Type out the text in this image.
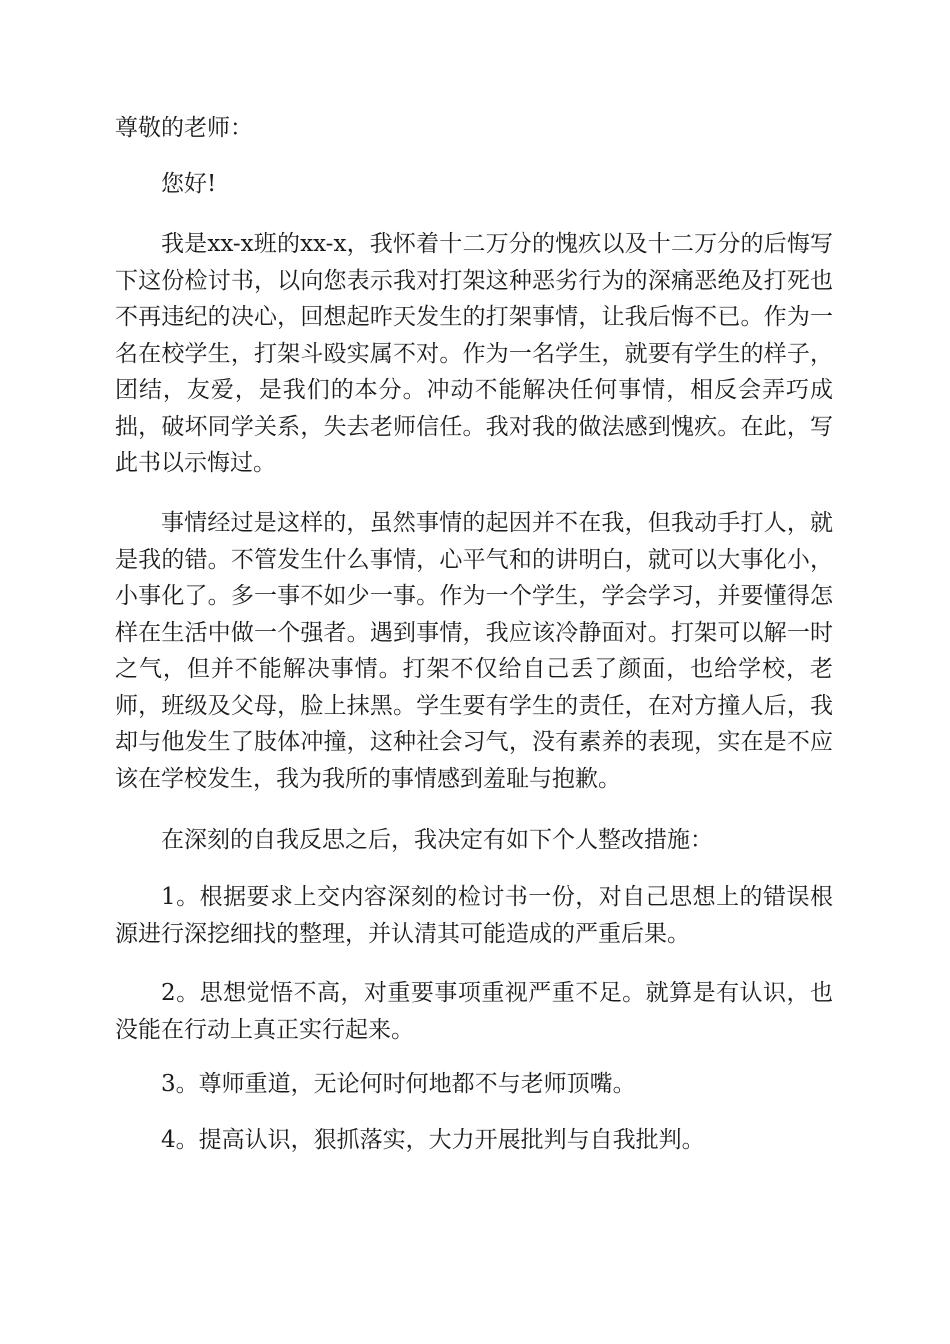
尊敬的老师：

您好!

我是xx-x班的xx-x，我怀着十二万分的愧疚以及十二万分的后悔写下这份检讨书，以向您表示我对打架这种恶劣行为的深痛恶绝及打死也不再违纪的决心，回想起昨天发生的打架事情，让我后悔不已。作为一名在校学生，打架斗殴实属不对。作为一名学生，就要有学生的样子，团结，友爱，是我们的本分。冲动不能解决任何事情，相反会弄巧成拙，破坏同学关系，失去老师信任。我对我的做法感到愧疚。在此，写此书以示悔过。

事情经过是这样的，虽然事情的起因并不在我，但我动手打人，就是我的错。不管发生什么事情，心平气和的讲明白，就可以大事化小，小事化了。多一事不如少一事。作为一个学生，学会学习，并要懂得怎样在生活中做一个强者。遇到事情，我应该冷静面对。打架可以解一时之气，但并不能解决事情。打架不仅给自己丢了颜面，也给学校，老师，班级及父母，脸上抹黑。学生要有学生的责任，在对方撞人后，我却与他发生了肢体冲撞，这种社会习气，没有素养的表现，实在是不应该在学校发生，我为我所的事情感到羞耻与抱歉。

在深刻的自我反思之后，我决定有如下个人整改措施：

1。根据要求上交内容深刻的检讨书一份，对自己思想上的错误根源进行深挖细找的整理，并认清其可能造成的严重后果。

2。思想觉悟不高，对重要事项重视严重不足。就算是有认识，也没能在行动上真正实行起来。

3。尊师重道，无论何时何地都不与老师顶嘴。

4。提高认识，狠抓落实，大力开展批判与自我批判。
